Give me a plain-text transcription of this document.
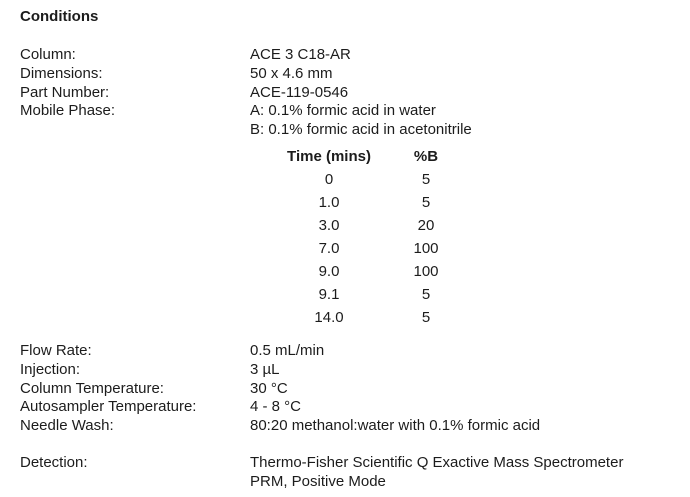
Conditions
Column:	ACE 3 C18-AR
Dimensions:	50 x 4.6 mm
Part Number:	ACE-119-0546
Mobile Phase:	A: 0.1% formic acid in water
B: 0.1% formic acid in acetonitrile
Time (mins)	%B
0	5
1.0	5
3.0	20
7.0	100
9.0	100
9.1	5
14.0	5
Flow Rate:	0.5 mL/min
Injection:	3 µL
Column Temperature:	30 °C
Autosampler Temperature:	4 - 8 °C
Needle Wash:	80:20 methanol:water with 0.1% formic acid
Detection:	Thermo-Fisher Scientific Q Exactive Mass Spectrometer
PRM, Positive Mode
